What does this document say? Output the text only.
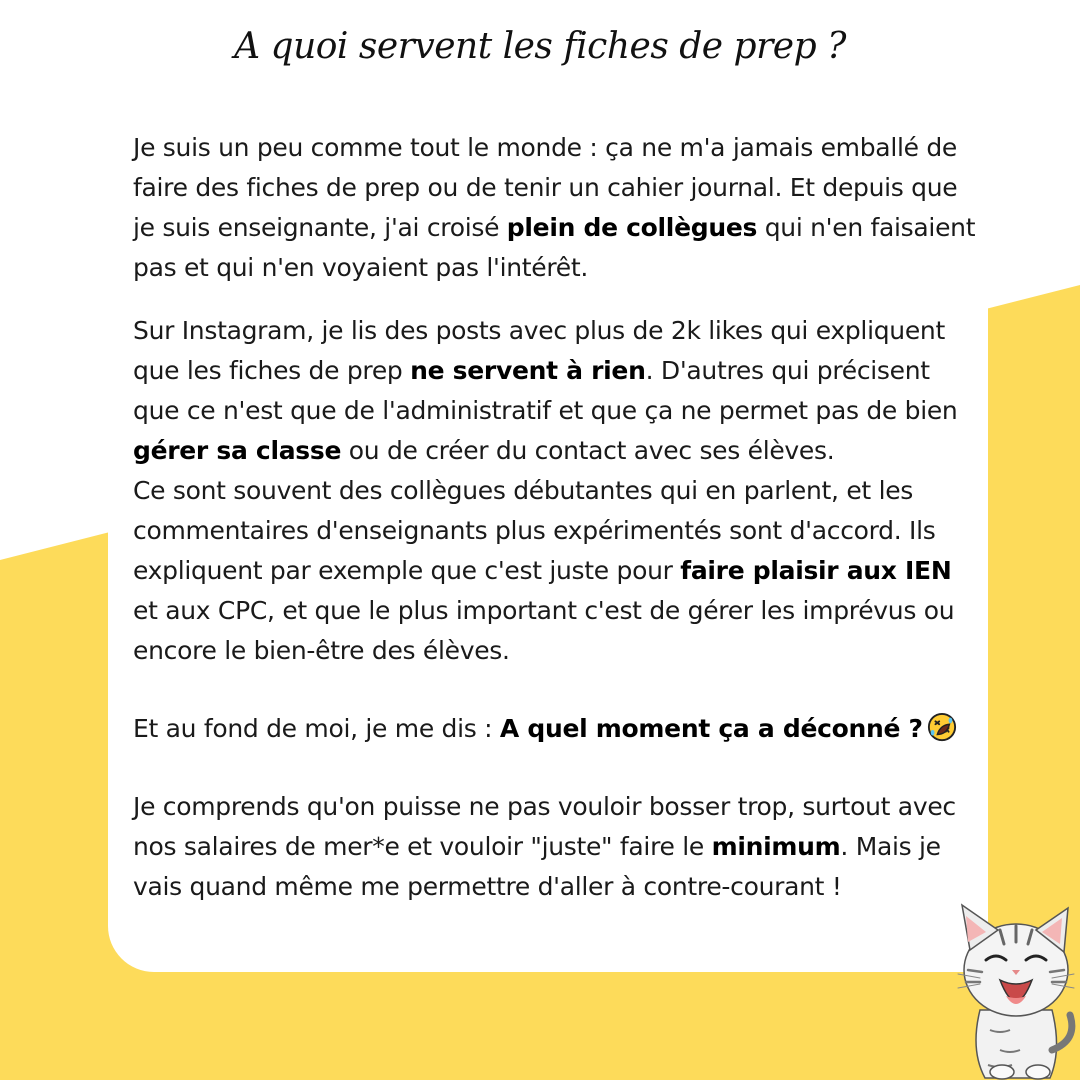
A quoi servent les fiches de prep ?

Je suis un peu comme tout le monde : ça ne m'a jamais emballé de faire des fiches de prep ou de tenir un cahier journal. Et depuis que je suis enseignante, j'ai croisé plein de collègues qui n'en faisaient pas et qui n'en voyaient pas l'intérêt.

Sur Instagram, je lis des posts avec plus de 2k likes qui expliquent que les fiches de prep ne servent à rien. D'autres qui précisent que ce n'est que de l'administratif et que ça ne permet pas de bien gérer sa classe ou de créer du contact avec ses élèves.

Ce sont souvent des collègues débutantes qui en parlent, et les commentaires d'enseignants plus expérimentés sont d'accord. Ils expliquent par exemple que c'est juste pour faire plaisir aux IEN et aux CPC, et que le plus important c'est de gérer les imprévus ou encore le bien-être des élèves.

Et au fond de moi, je me dis : A quel moment ça a déconné ?

Je comprends qu'on puisse ne pas vouloir bosser trop, surtout avec nos salaires de mer*e et vouloir "juste" faire le minimum. Mais je vais quand même me permettre d'aller à contre-courant !
